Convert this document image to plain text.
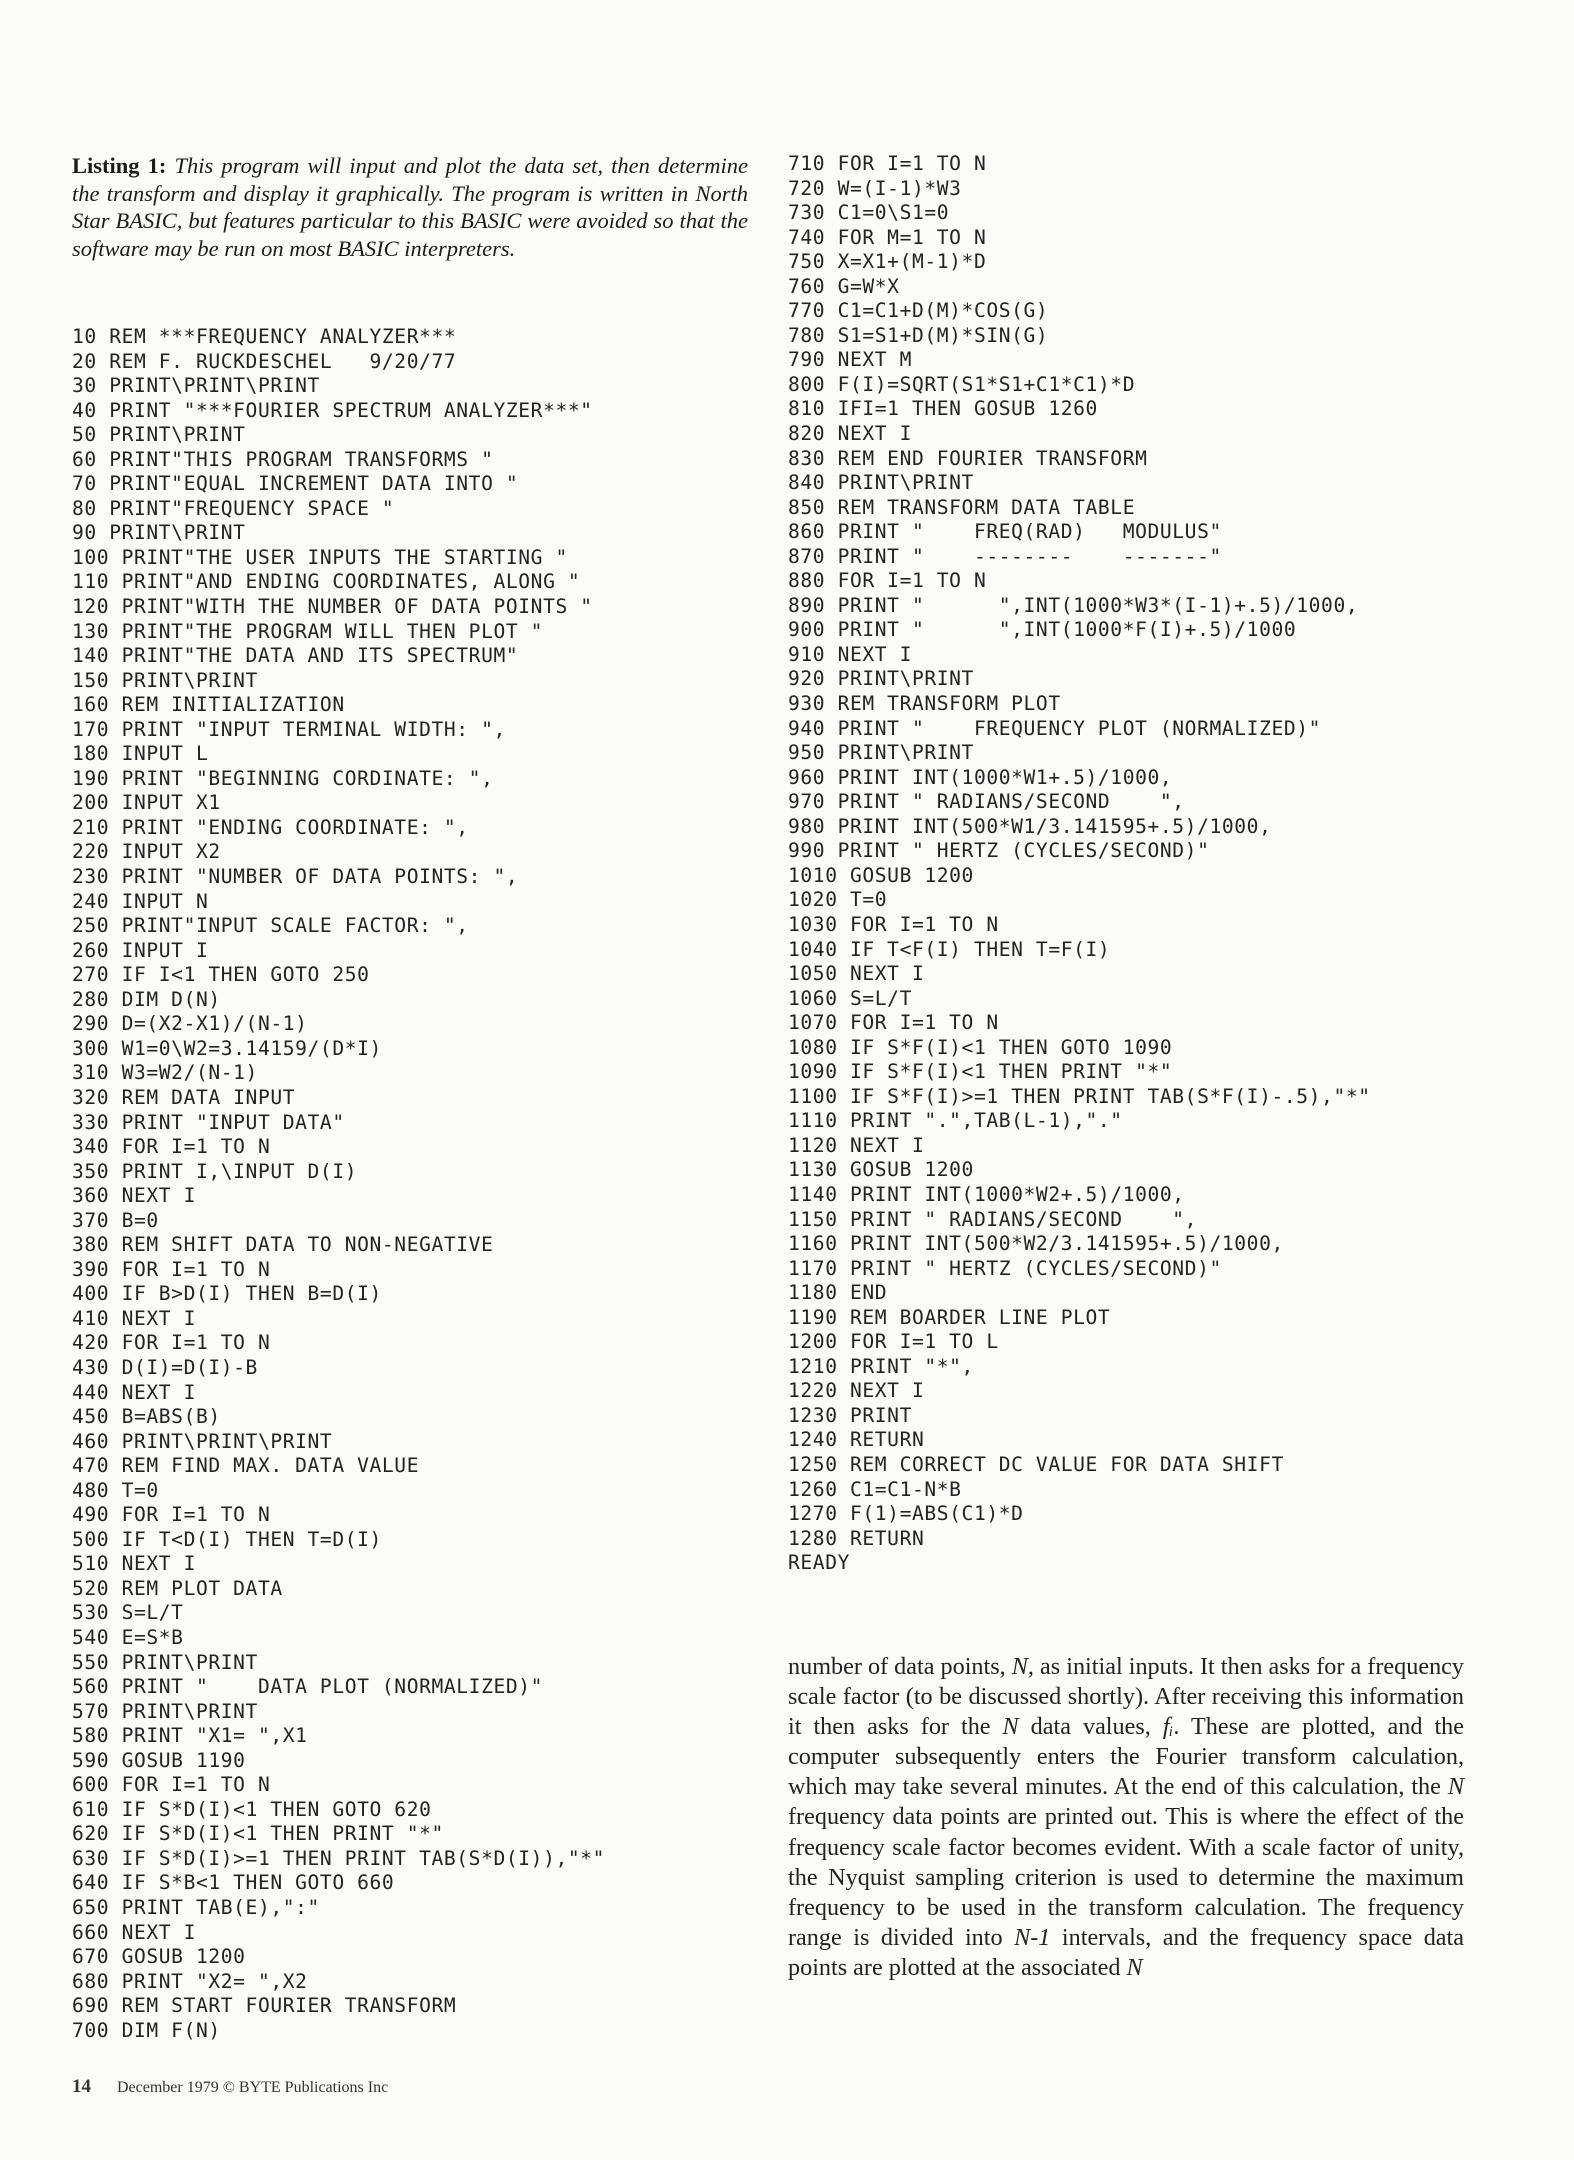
Listing 1: This program will input and plot the data set, then determine the transform and display it graphically. The program is written in North Star BASIC, but features particular to this BASIC were avoided so that the software may be run on most BASIC interpreters.
10 REM ***FREQUENCY ANALYZER***
20 REM F. RUCKDESCHEL   9/20/77
30 PRINT\PRINT\PRINT
40 PRINT "***FOURIER SPECTRUM ANALYZER***"
50 PRINT\PRINT
60 PRINT"THIS PROGRAM TRANSFORMS "
70 PRINT"EQUAL INCREMENT DATA INTO "
80 PRINT"FREQUENCY SPACE "
90 PRINT\PRINT
100 PRINT"THE USER INPUTS THE STARTING "
110 PRINT"AND ENDING COORDINATES, ALONG "
120 PRINT"WITH THE NUMBER OF DATA POINTS "
130 PRINT"THE PROGRAM WILL THEN PLOT "
140 PRINT"THE DATA AND ITS SPECTRUM"
150 PRINT\PRINT
160 REM INITIALIZATION
170 PRINT "INPUT TERMINAL WIDTH: ",
180 INPUT L
190 PRINT "BEGINNING CORDINATE: ",
200 INPUT X1
210 PRINT "ENDING COORDINATE: ",
220 INPUT X2
230 PRINT "NUMBER OF DATA POINTS: ",
240 INPUT N
250 PRINT"INPUT SCALE FACTOR: ",
260 INPUT I
270 IF I<1 THEN GOTO 250
280 DIM D(N)
290 D=(X2-X1)/(N-1)
300 W1=0\W2=3.14159/(D*I)
310 W3=W2/(N-1)
320 REM DATA INPUT
330 PRINT "INPUT DATA"
340 FOR I=1 TO N
350 PRINT I,\INPUT D(I)
360 NEXT I
370 B=0
380 REM SHIFT DATA TO NON-NEGATIVE
390 FOR I=1 TO N
400 IF B>D(I) THEN B=D(I)
410 NEXT I
420 FOR I=1 TO N
430 D(I)=D(I)-B
440 NEXT I
450 B=ABS(B)
460 PRINT\PRINT\PRINT
470 REM FIND MAX. DATA VALUE
480 T=0
490 FOR I=1 TO N
500 IF T<D(I) THEN T=D(I)
510 NEXT I
520 REM PLOT DATA
530 S=L/T
540 E=S*B
550 PRINT\PRINT
560 PRINT "    DATA PLOT (NORMALIZED)"
570 PRINT\PRINT
580 PRINT "X1= ",X1
590 GOSUB 1190
600 FOR I=1 TO N
610 IF S*D(I)<1 THEN GOTO 620
620 IF S*D(I)<1 THEN PRINT "*"
630 IF S*D(I)>=1 THEN PRINT TAB(S*D(I)),"*"
640 IF S*B<1 THEN GOTO 660
650 PRINT TAB(E),":"
660 NEXT I
670 GOSUB 1200
680 PRINT "X2= ",X2
690 REM START FOURIER TRANSFORM
700 DIM F(N)
710 FOR I=1 TO N
720 W=(I-1)*W3
730 C1=0\S1=0
740 FOR M=1 TO N
750 X=X1+(M-1)*D
760 G=W*X
770 C1=C1+D(M)*COS(G)
780 S1=S1+D(M)*SIN(G)
790 NEXT M
800 F(I)=SQRT(S1*S1+C1*C1)*D
810 IFI=1 THEN GOSUB 1260
820 NEXT I
830 REM END FOURIER TRANSFORM
840 PRINT\PRINT
850 REM TRANSFORM DATA TABLE
860 PRINT "    FREQ(RAD)   MODULUS"
870 PRINT "    --------    -------"
880 FOR I=1 TO N
890 PRINT "      ",INT(1000*W3*(I-1)+.5)/1000,
900 PRINT "      ",INT(1000*F(I)+.5)/1000
910 NEXT I
920 PRINT\PRINT
930 REM TRANSFORM PLOT
940 PRINT "    FREQUENCY PLOT (NORMALIZED)"
950 PRINT\PRINT
960 PRINT INT(1000*W1+.5)/1000,
970 PRINT " RADIANS/SECOND    ",
980 PRINT INT(500*W1/3.141595+.5)/1000,
990 PRINT " HERTZ (CYCLES/SECOND)"
1010 GOSUB 1200
1020 T=0
1030 FOR I=1 TO N
1040 IF T<F(I) THEN T=F(I)
1050 NEXT I
1060 S=L/T
1070 FOR I=1 TO N
1080 IF S*F(I)<1 THEN GOTO 1090
1090 IF S*F(I)<1 THEN PRINT "*"
1100 IF S*F(I)>=1 THEN PRINT TAB(S*F(I)-.5),"*"
1110 PRINT ".",TAB(L-1),"."
1120 NEXT I
1130 GOSUB 1200
1140 PRINT INT(1000*W2+.5)/1000,
1150 PRINT " RADIANS/SECOND    ",
1160 PRINT INT(500*W2/3.141595+.5)/1000,
1170 PRINT " HERTZ (CYCLES/SECOND)"
1180 END
1190 REM BOARDER LINE PLOT
1200 FOR I=1 TO L
1210 PRINT "*",
1220 NEXT I
1230 PRINT
1240 RETURN
1250 REM CORRECT DC VALUE FOR DATA SHIFT
1260 C1=C1-N*B
1270 F(1)=ABS(C1)*D
1280 RETURN
READY
number of data points, N, as initial inputs. It then asks for a frequency scale factor (to be discussed shortly). After receiving this information it then asks for the N data values, fᵢ. These are plotted, and the computer subsequently enters the Fourier transform calculation, which may take several minutes. At the end of this calculation, the N frequency data points are printed out. This is where the effect of the frequency scale factor becomes evident. With a scale factor of unity, the Nyquist sampling criterion is used to determine the maximum frequency to be used in the transform calculation. The frequency range is divided into N-1 intervals, and the frequency space data points are plotted at the associated N
14 December 1979 © BYTE Publications Inc
